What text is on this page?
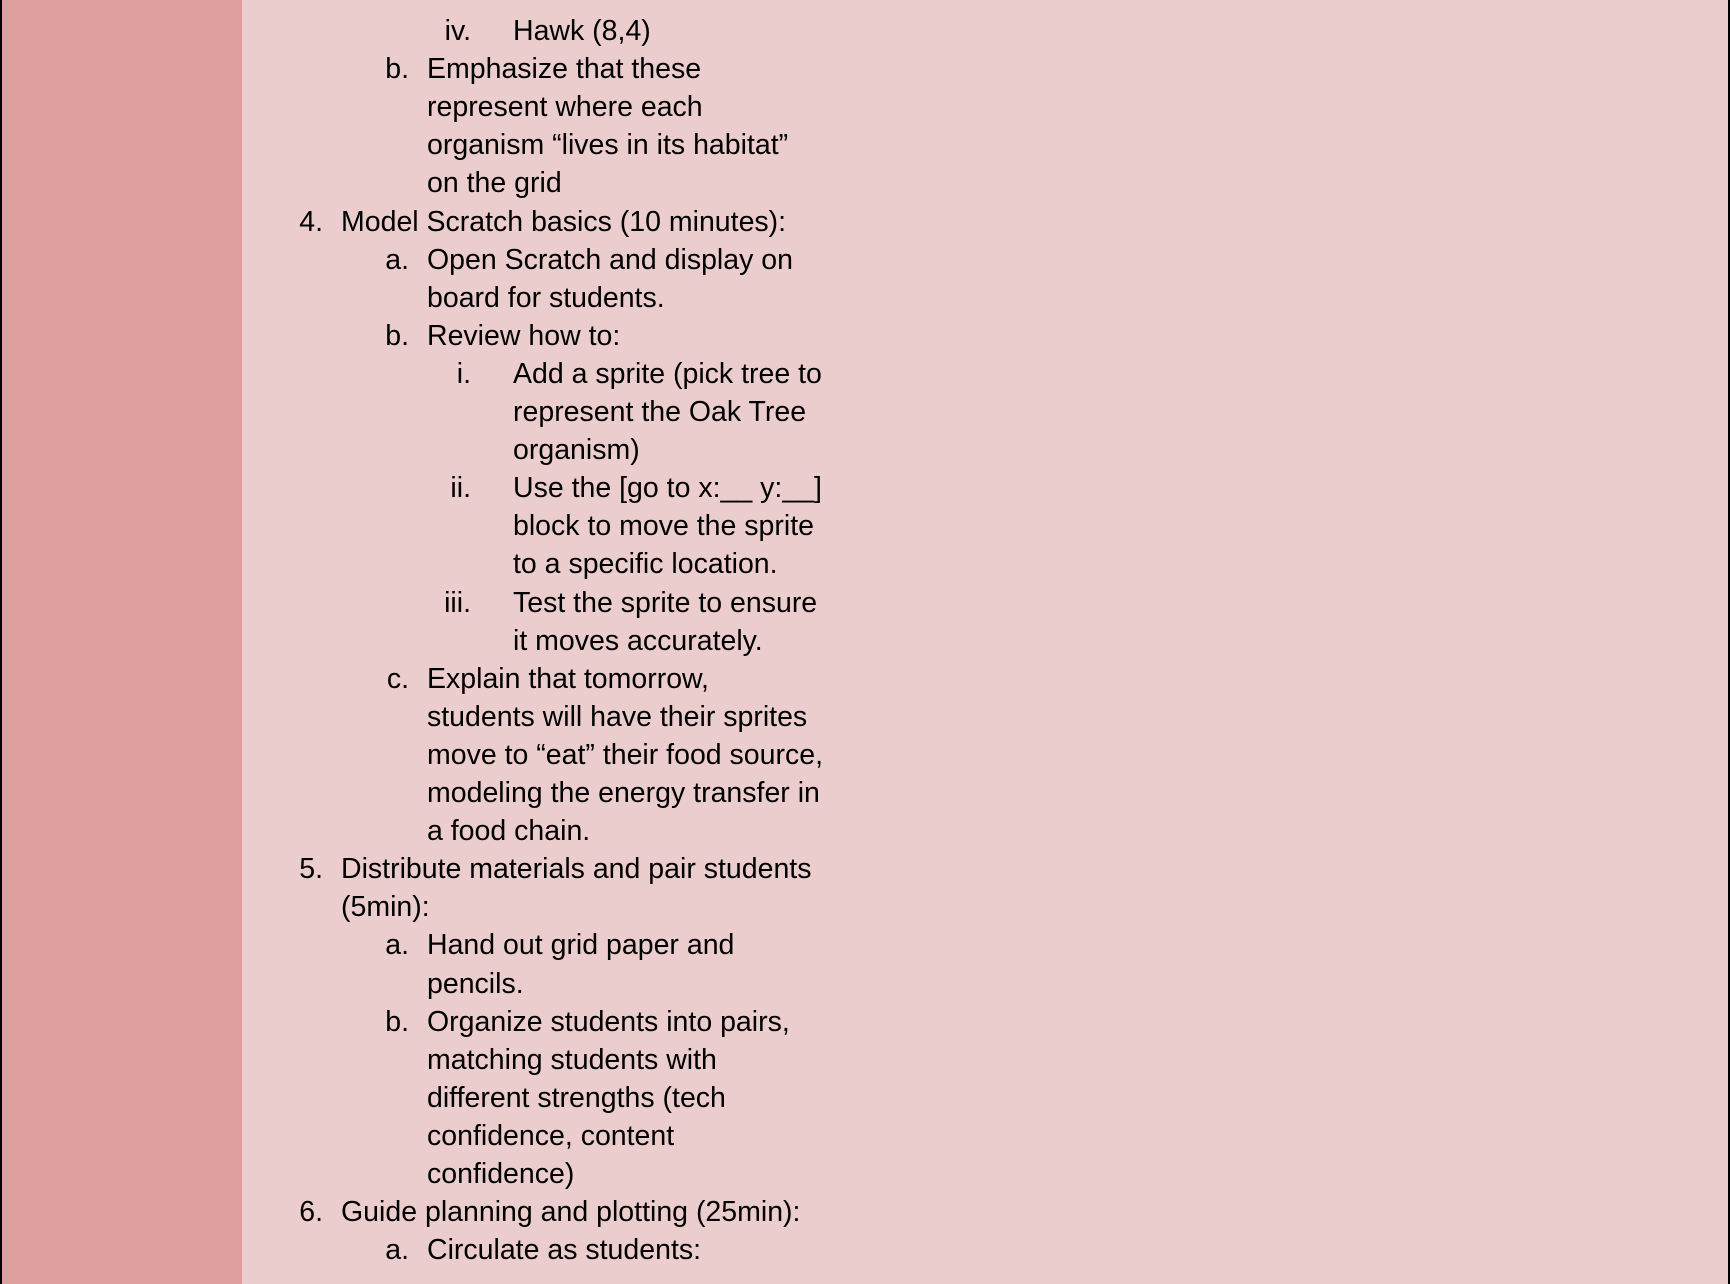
iv. Hawk (8,4)
b. Emphasize that these
represent where each
organism “lives in its habitat”
on the grid
4. Model Scratch basics (10 minutes):
a. Open Scratch and display on
board for students.
b. Review how to:
i. Add a sprite (pick tree to
represent the Oak Tree
organism)
ii. Use the [go to x:__ y:__]
block to move the sprite
to a specific location.
iii. Test the sprite to ensure
it moves accurately.
c. Explain that tomorrow,
students will have their sprites
move to “eat” their food source,
modeling the energy transfer in
a food chain.
5. Distribute materials and pair students
(5min):
a. Hand out grid paper and
pencils.
b. Organize students into pairs,
matching students with
different strengths (tech
confidence, content
confidence)
6. Guide planning and plotting (25min):
a. Circulate as students:
